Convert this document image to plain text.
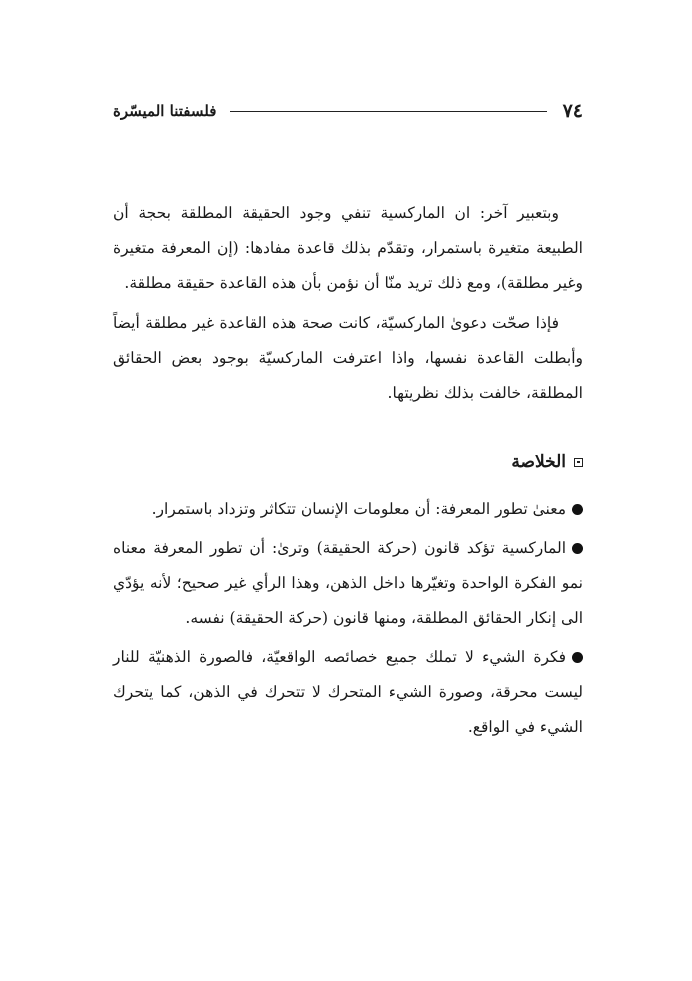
٧٤
فلسفتنا الميسّرة

وبتعبير آخر: ان الماركسية تنفي وجود الحقيقة المطلقة بحجة أن الطبيعة متغيرة باستمرار، وتقدّم بذلك قاعدة مفادها: (إن المعرفة متغيرة وغير مطلقة)، ومع ذلك تريد منّا أن نؤمن بأن هذه القاعدة حقيقة مطلقة.

فإذا صحّت دعوىٰ الماركسيّة، كانت صحة هذه القاعدة غير مطلقة أيضاً وأبطلت القاعدة نفسها، واذا اعترفت الماركسيّة بوجود بعض الحقائق المطلقة، خالفت بذلك نظريتها.

الخلاصة

معنىٰ تطور المعرفة: أن معلومات الإنسان تتكاثر وتزداد باستمرار.

الماركسية تؤكد قانون (حركة الحقيقة) وترىٰ: أن تطور المعرفة معناه نمو الفكرة الواحدة وتغيّرها داخل الذهن، وهذا الرأي غير صحيح؛ لأنه يؤدّي الى إنكار الحقائق المطلقة، ومنها قانون (حركة الحقيقة) نفسه.

فكرة الشيء لا تملك جميع خصائصه الواقعيّة، فالصورة الذهنيّة للنار ليست محرقة، وصورة الشيء المتحرك لا تتحرك في الذهن، كما يتحرك الشيء في الواقع.
